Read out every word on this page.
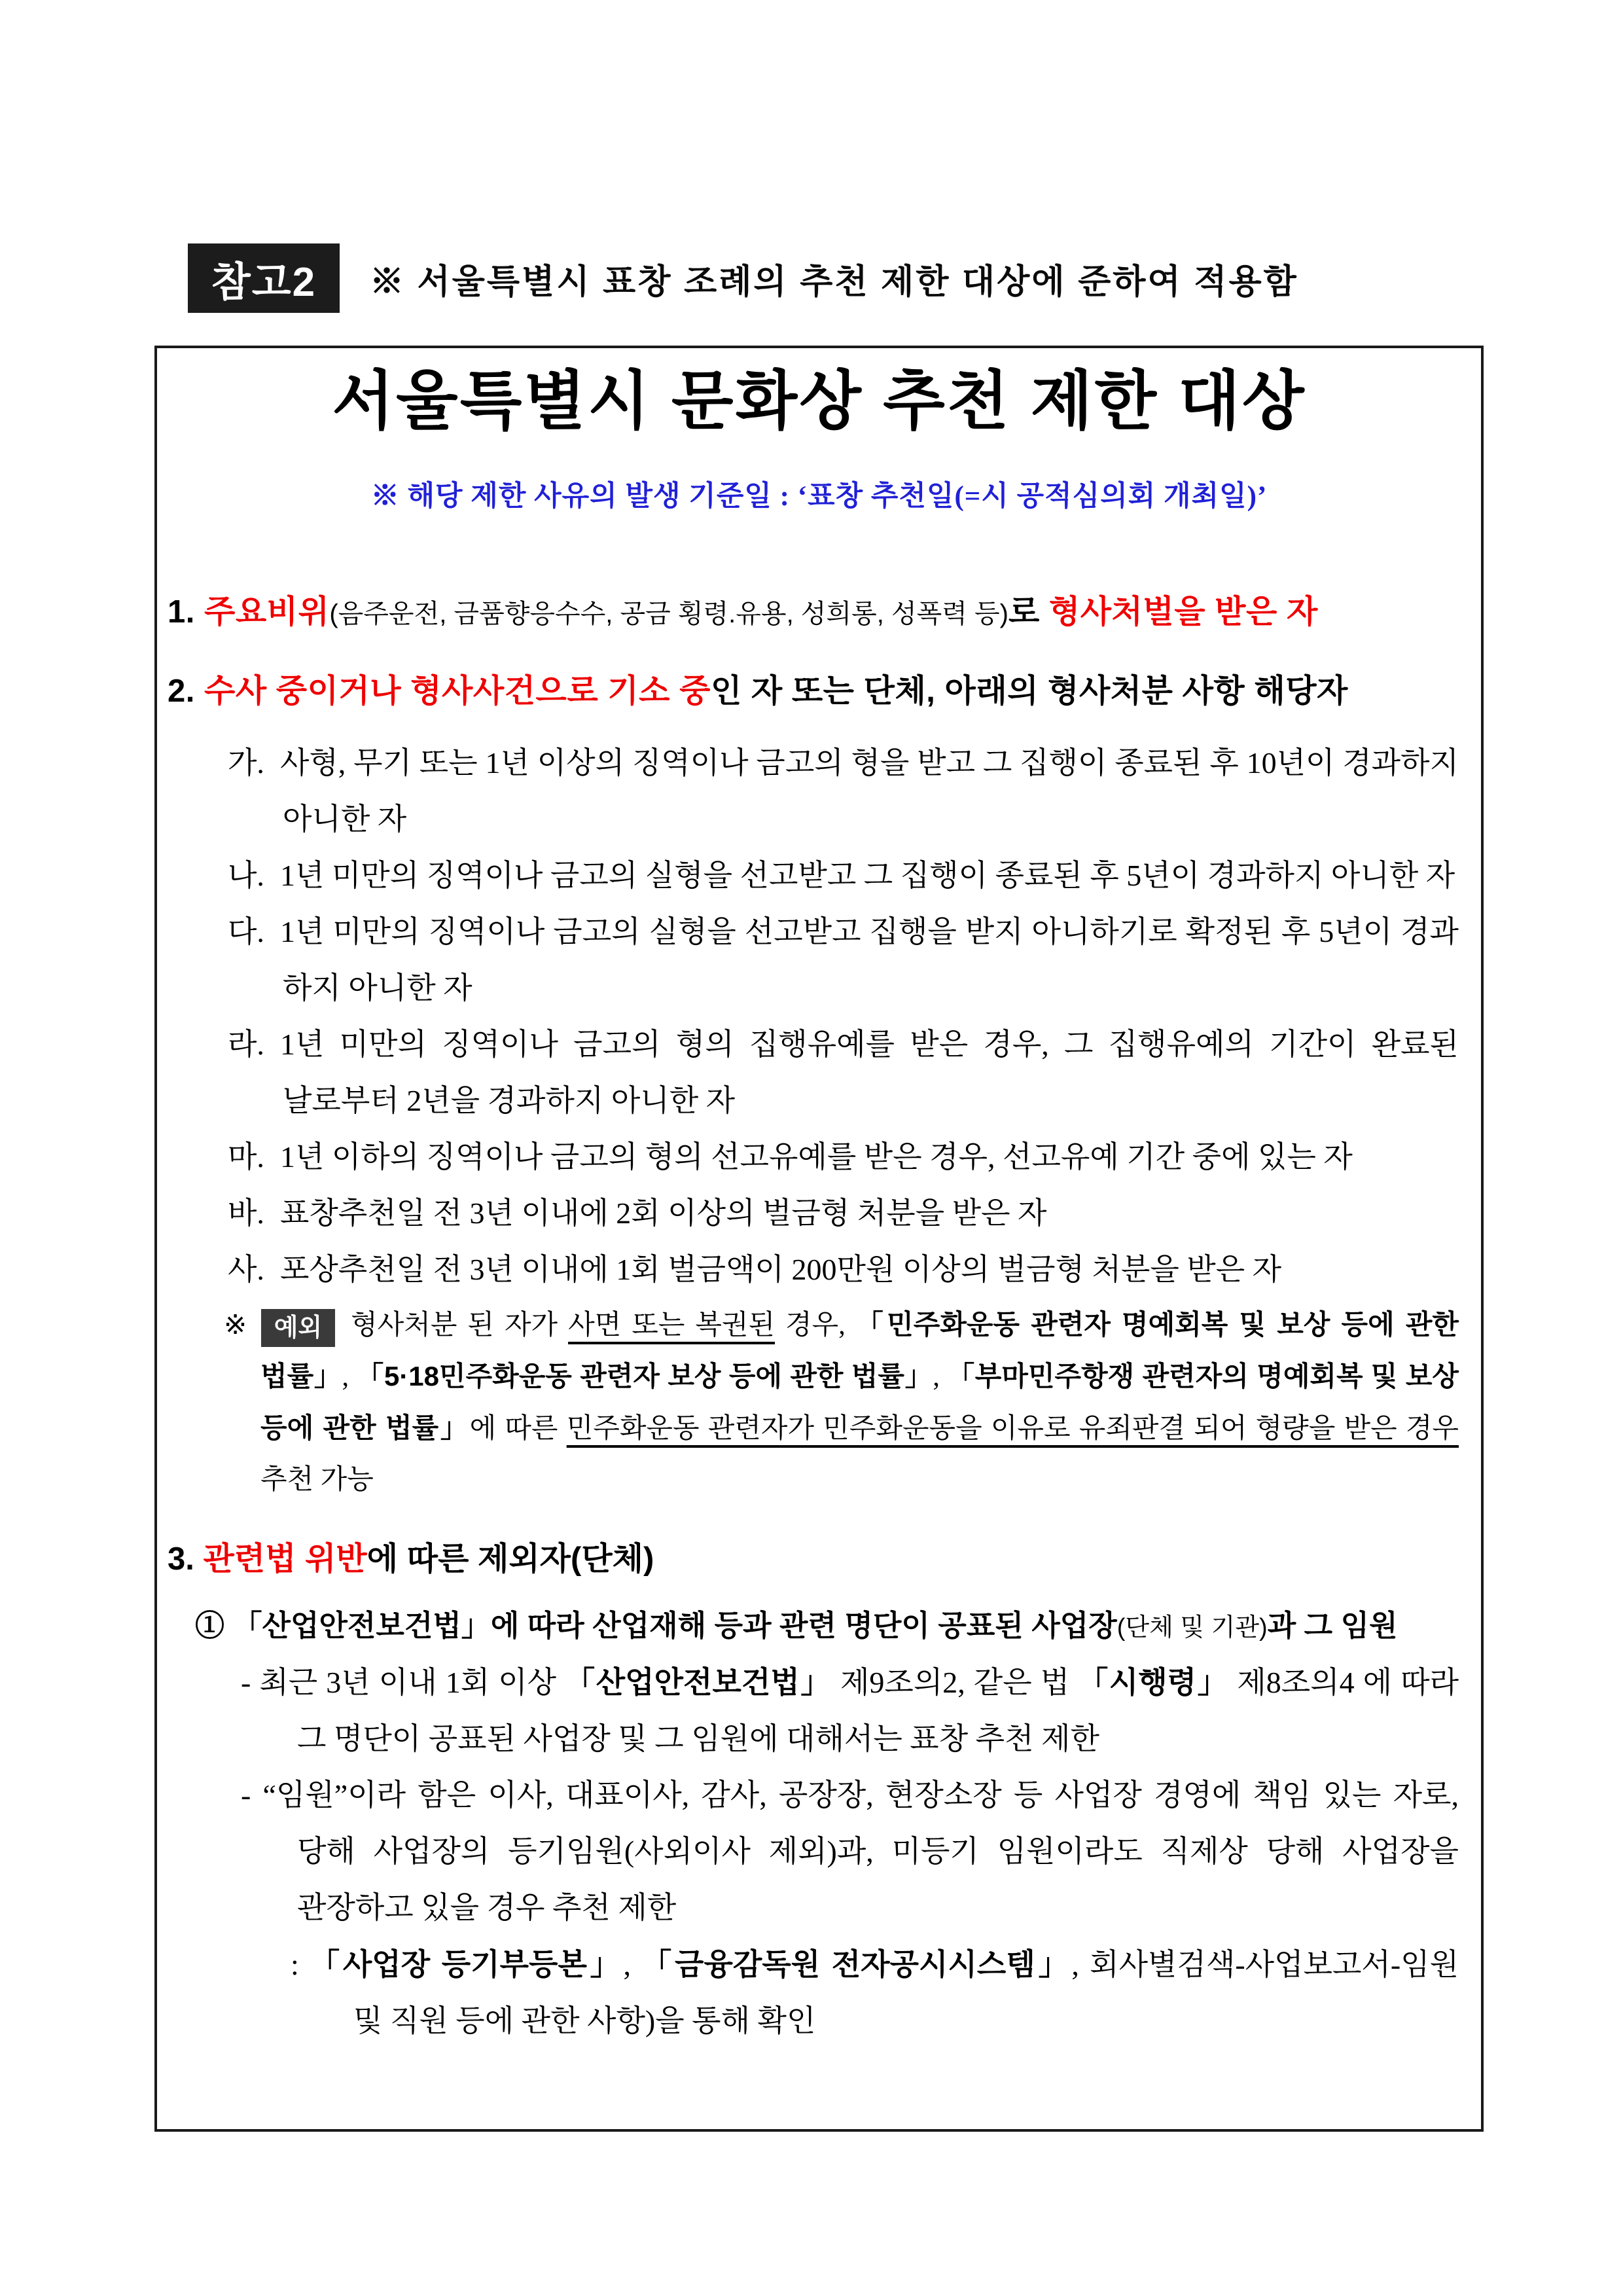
참고2	※ 서울특별시 표창 조례의 추천 제한 대상에 준하여 적용함
서울특별시 문화상 추천 제한 대상
※ 해당 제한 사유의 발생 기준일 : ‘표창 추천일(=시 공적심의회 개최일)’
1. 주요비위(음주운전, 금품향응수수, 공금 횡령.유용, 성희롱, 성폭력 등)로 형사처벌을 받은 자
2. 수사 중이거나 형사사건으로 기소 중인 자 또는 단체, 아래의 형사처분 사항 해당자
가. 사형, 무기 또는 1년 이상의 징역이나 금고의 형을 받고 그 집행이 종료된 후 10년이 경과하지 아니한 자
나. 1년 미만의 징역이나 금고의 실형을 선고받고 그 집행이 종료된 후 5년이 경과하지 아니한 자
다. 1년 미만의 징역이나 금고의 실형을 선고받고 집행을 받지 아니하기로 확정된 후 5년이 경과 하지 아니한 자
라. 1년 미만의 징역이나 금고의 형의 집행유예를 받은 경우, 그 집행유예의 기간이 완료된 날로부터 2년을 경과하지 아니한 자
마. 1년 이하의 징역이나 금고의 형의 선고유예를 받은 경우, 선고유예 기간 중에 있는 자
바. 표창추천일 전 3년 이내에 2회 이상의 벌금형 처분을 받은 자
사. 포상추천일 전 3년 이내에 1회 벌금액이 200만원 이상의 벌금형 처분을 받은 자
※ 예외 형사처분 된 자가 사면 또는 복권된 경우, 「민주화운동 관련자 명예회복 및 보상 등에 관한 법률」, 「5·18민주화운동 관련자 보상 등에 관한 법률」, 「부마민주항쟁 관련자의 명예회복 및 보상 등에 관한 법률」에 따른 민주화운동 관련자가 민주화운동을 이유로 유죄판결 되어 형량을 받은 경우 추천 가능
3. 관련법 위반에 따른 제외자(단체)
① 「산업안전보건법」에 따라 산업재해 등과 관련 명단이 공표된 사업장(단체 및 기관)과 그 임원
- 최근 3년 이내 1회 이상 「산업안전보건법」 제9조의2, 같은 법 「시행령」 제8조의4 에 따라 그 명단이 공표된 사업장 및 그 임원에 대해서는 표창 추천 제한
- “임원”이라 함은 이사, 대표이사, 감사, 공장장, 현장소장 등 사업장 경영에 책임 있는 자로, 당해 사업장의 등기임원(사외이사 제외)과, 미등기 임원이라도 직제상 당해 사업장을 관장하고 있을 경우 추천 제한
: 「사업장 등기부등본」, 「금융감독원 전자공시시스템」, 회사별검색-사업보고서-임원 및 직원 등에 관한 사항)을 통해 확인
